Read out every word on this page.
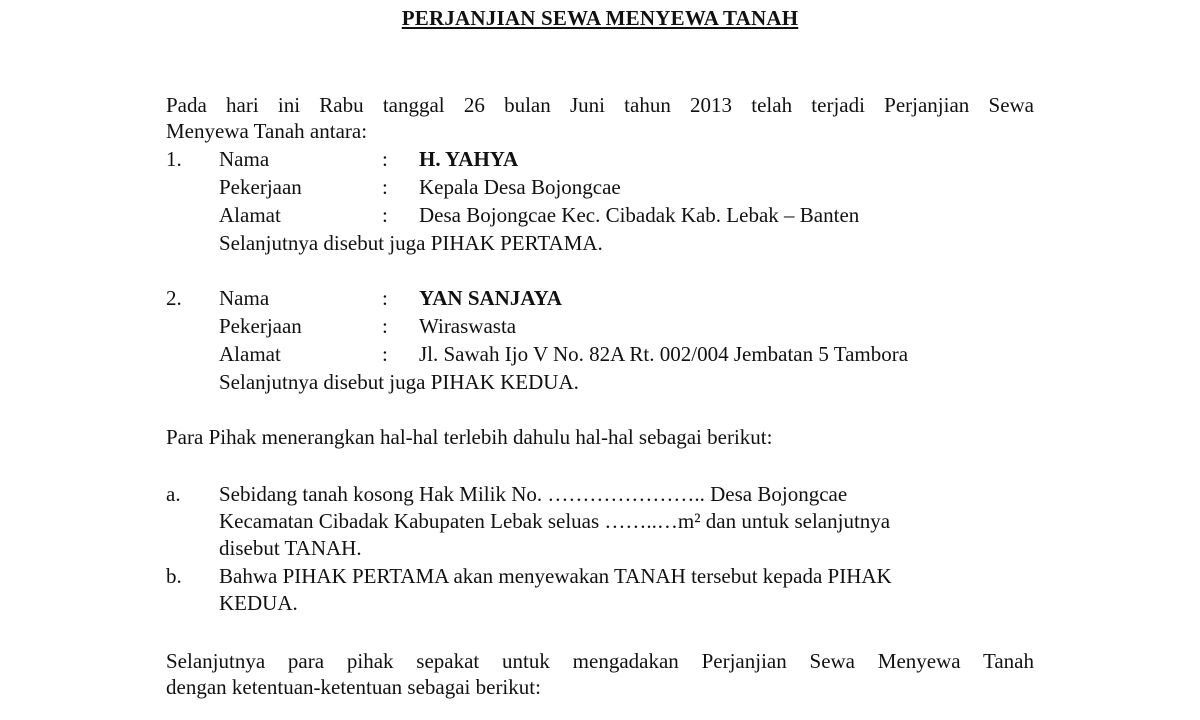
PERJANJIAN SEWA MENYEWA TANAH
Pada hari ini Rabu tanggal 26 bulan Juni tahun 2013 telah terjadi Perjanjian Sewa
Menyewa Tanah antara:
1. Nama	: H. YAHYA
Pekerjaan	: Kepala Desa Bojongcae
Alamat	: Desa Bojongcae Kec. Cibadak Kab. Lebak – Banten
Selanjutnya disebut juga PIHAK PERTAMA.
2. Nama	: YAN SANJAYA
Pekerjaan	: Wiraswasta
Alamat	: Jl. Sawah Ijo V No. 82A Rt. 002/004 Jembatan 5 Tambora
Selanjutnya disebut juga PIHAK KEDUA.
Para Pihak menerangkan hal-hal terlebih dahulu hal-hal sebagai berikut:
a. Sebidang tanah kosong Hak Milik No. ………………….. Desa Bojongcae
Kecamatan Cibadak Kabupaten Lebak seluas ……..…m² dan untuk selanjutnya
disebut TANAH.
b. Bahwa PIHAK PERTAMA akan menyewakan TANAH tersebut kepada PIHAK
KEDUA.
Selanjutnya para pihak sepakat untuk mengadakan Perjanjian Sewa Menyewa Tanah
dengan ketentuan-ketentuan sebagai berikut:
